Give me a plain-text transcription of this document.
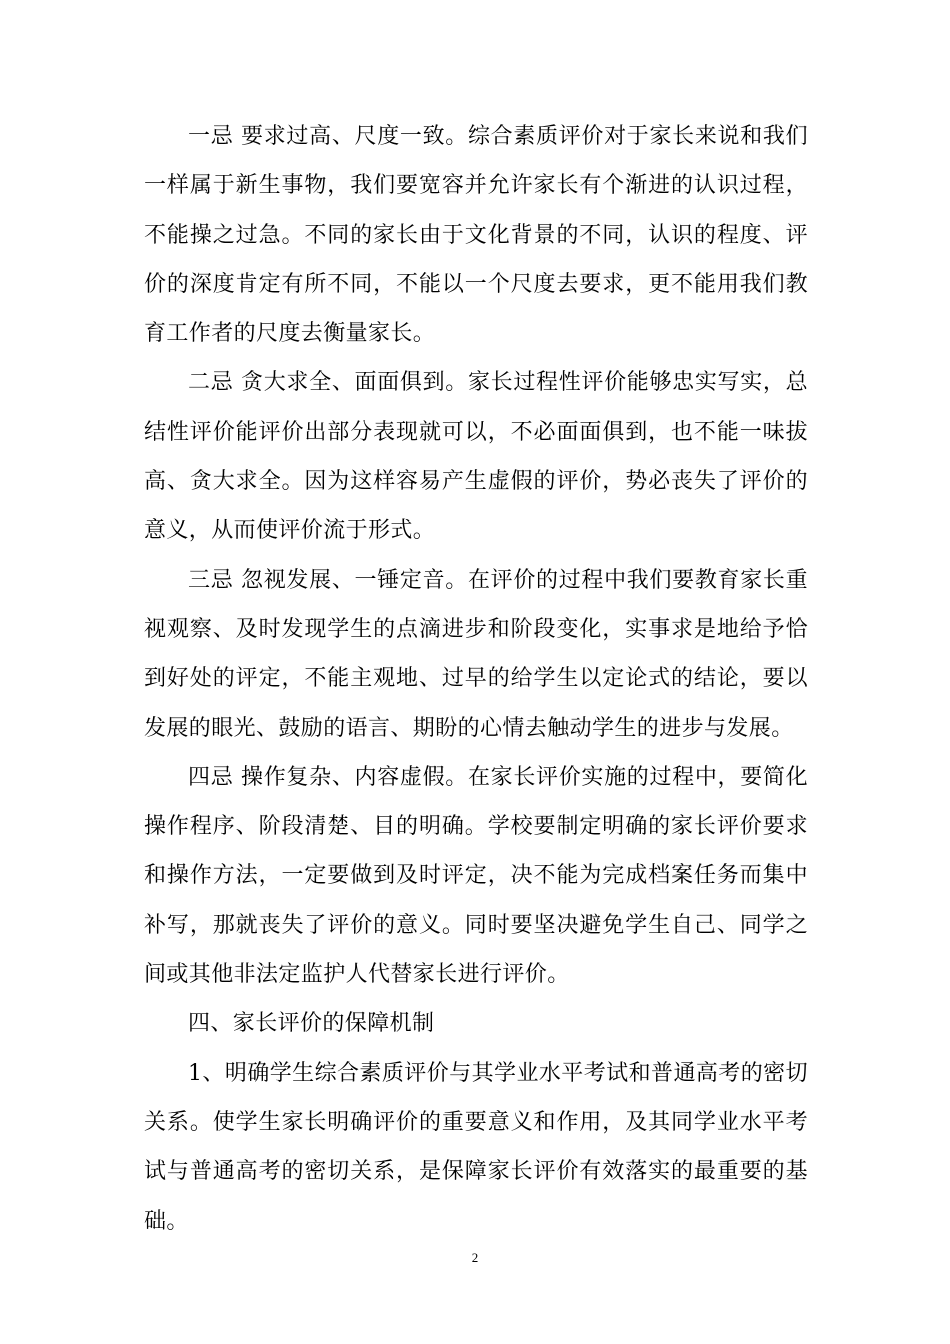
一忌 要求过高、尺度一致。综合素质评价对于家长来说和我们一样属于新生事物，我们要宽容并允许家长有个渐进的认识过程，不能操之过急。不同的家长由于文化背景的不同，认识的程度、评价的深度肯定有所不同，不能以一个尺度去要求，更不能用我们教育工作者的尺度去衡量家长。

二忌 贪大求全、面面俱到。家长过程性评价能够忠实写实，总结性评价能评价出部分表现就可以，不必面面俱到，也不能一味拔高、贪大求全。因为这样容易产生虚假的评价，势必丧失了评价的意义，从而使评价流于形式。

三忌 忽视发展、一锤定音。在评价的过程中我们要教育家长重视观察、及时发现学生的点滴进步和阶段变化，实事求是地给予恰到好处的评定，不能主观地、过早的给学生以定论式的结论，要以发展的眼光、鼓励的语言、期盼的心情去触动学生的进步与发展。

四忌 操作复杂、内容虚假。在家长评价实施的过程中，要简化操作程序、阶段清楚、目的明确。学校要制定明确的家长评价要求和操作方法，一定要做到及时评定，决不能为完成档案任务而集中补写，那就丧失了评价的意义。同时要坚决避免学生自己、同学之间或其他非法定监护人代替家长进行评价。

四、家长评价的保障机制

1、明确学生综合素质评价与其学业水平考试和普通高考的密切关系。使学生家长明确评价的重要意义和作用，及其同学业水平考试与普通高考的密切关系，是保障家长评价有效落实的最重要的基础。

2
